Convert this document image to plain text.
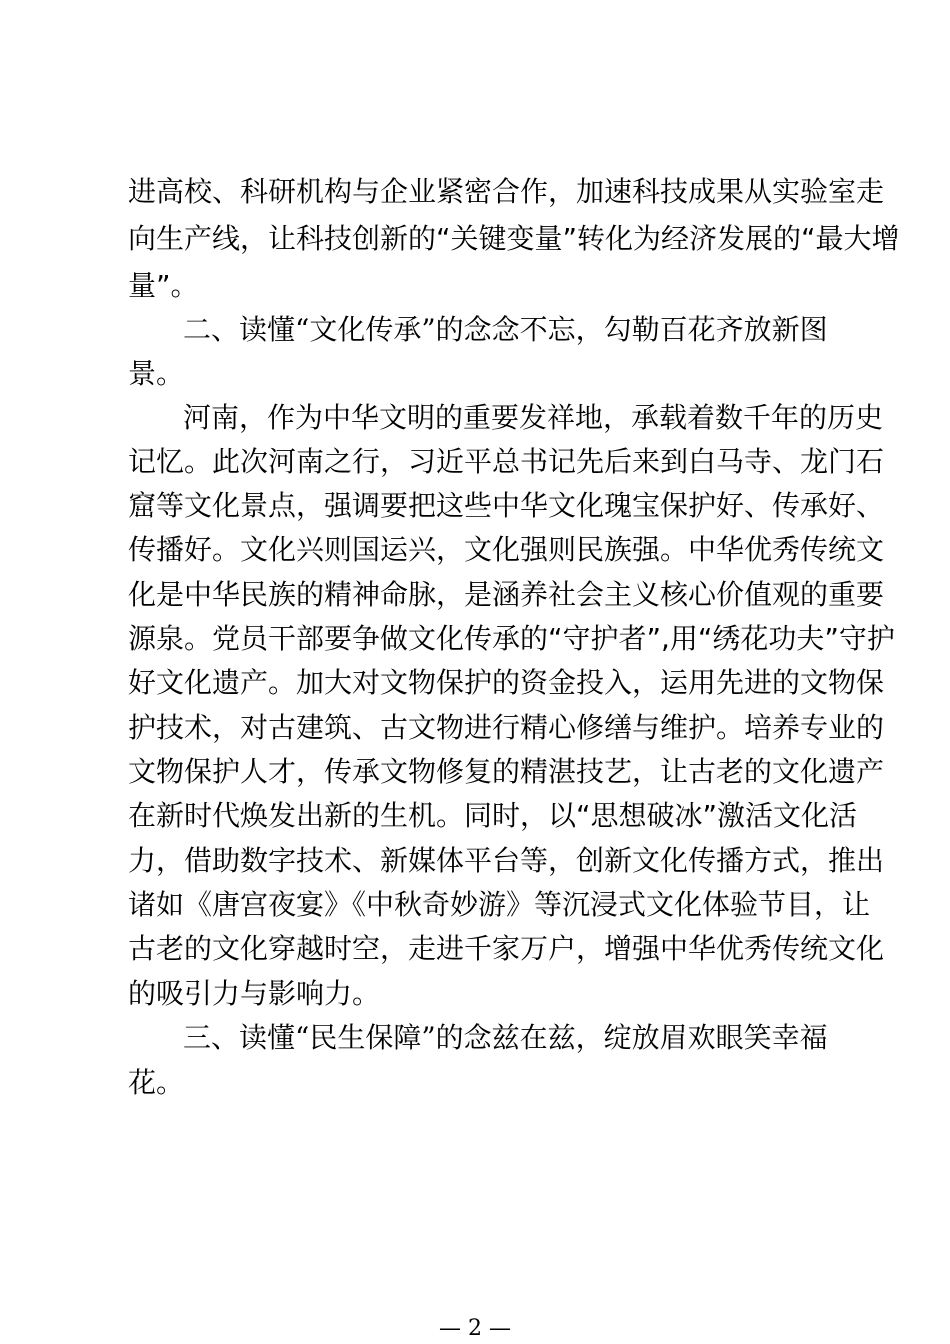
进高校、科研机构与企业紧密合作，加速科技成果从实验室走
向生产线，让科技创新的“关键变量”转化为经济发展的“最大增
量”。
二、读懂“文化传承”的念念不忘，勾勒百花齐放新图
景。
河南，作为中华文明的重要发祥地，承载着数千年的历史
记忆。此次河南之行，习近平总书记先后来到白马寺、龙门石
窟等文化景点，强调要把这些中华文化瑰宝保护好、传承好、
传播好。文化兴则国运兴，文化强则民族强。中华优秀传统文
化是中华民族的精神命脉，是涵养社会主义核心价值观的重要
源泉。党员干部要争做文化传承的“守护者”,用“绣花功夫”守护
好文化遗产。加大对文物保护的资金投入，运用先进的文物保
护技术，对古建筑、古文物进行精心修缮与维护。培养专业的
文物保护人才，传承文物修复的精湛技艺，让古老的文化遗产
在新时代焕发出新的生机。同时，以“思想破冰”激活文化活
力，借助数字技术、新媒体平台等，创新文化传播方式，推出
诸如《唐宫夜宴》《中秋奇妙游》等沉浸式文化体验节目，让
古老的文化穿越时空，走进千家万户，增强中华优秀传统文化
的吸引力与影响力。
三、读懂“民生保障”的念兹在兹，绽放眉欢眼笑幸福
花。
— 2 —
